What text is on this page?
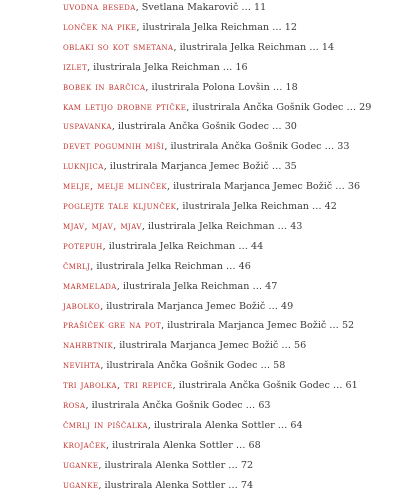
uvodna beseda, Svetlana Makarovič … 11
lonček na pike, ilustrirala Jelka Reichman … 12
oblaki so kot smetana, ilustrirala Jelka Reichman … 14
izlet, ilustrirala Jelka Reichman … 16
bobek in barčica, ilustrirala Polona Lovšin … 18
kam letijo drobne ptičke, ilustrirala Ančka Gošnik Godec … 29
uspavanka, ilustrirala Ančka Gošnik Godec … 30
devet pogumnih miši, ilustrirala Ančka Gošnik Godec … 33
luknjica, ilustrirala Marjanca Jemec Božič … 35
melje, melje mlinček, ilustrirala Marjanca Jemec Božič … 36
poglejte tale kljunček, ilustrirala Jelka Reichman … 42
mjav, mjav, mjav, ilustrirala Jelka Reichman … 43
potepuh, ilustrirala Jelka Reichman … 44
čmrlj, ilustrirala Jelka Reichman … 46
marmelada, ilustrirala Jelka Reichman … 47
jabolko, ilustrirala Marjanca Jemec Božič … 49
prašiček gre na pot, ilustrirala Marjanca Jemec Božič … 52
nahrbtnik, ilustrirala Marjanca Jemec Božič … 56
nevihta, ilustrirala Ančka Gošnik Godec … 58
tri jabolka, tri repice, ilustrirala Ančka Gošnik Godec … 61
rosa, ilustrirala Ančka Gošnik Godec … 63
čmrlj in piščalka, ilustrirala Alenka Sottler … 64
krojaček, ilustrirala Alenka Sottler … 68
uganke, ilustrirala Alenka Sottler … 72
uganke, ilustrirala Alenka Sottler … 74
